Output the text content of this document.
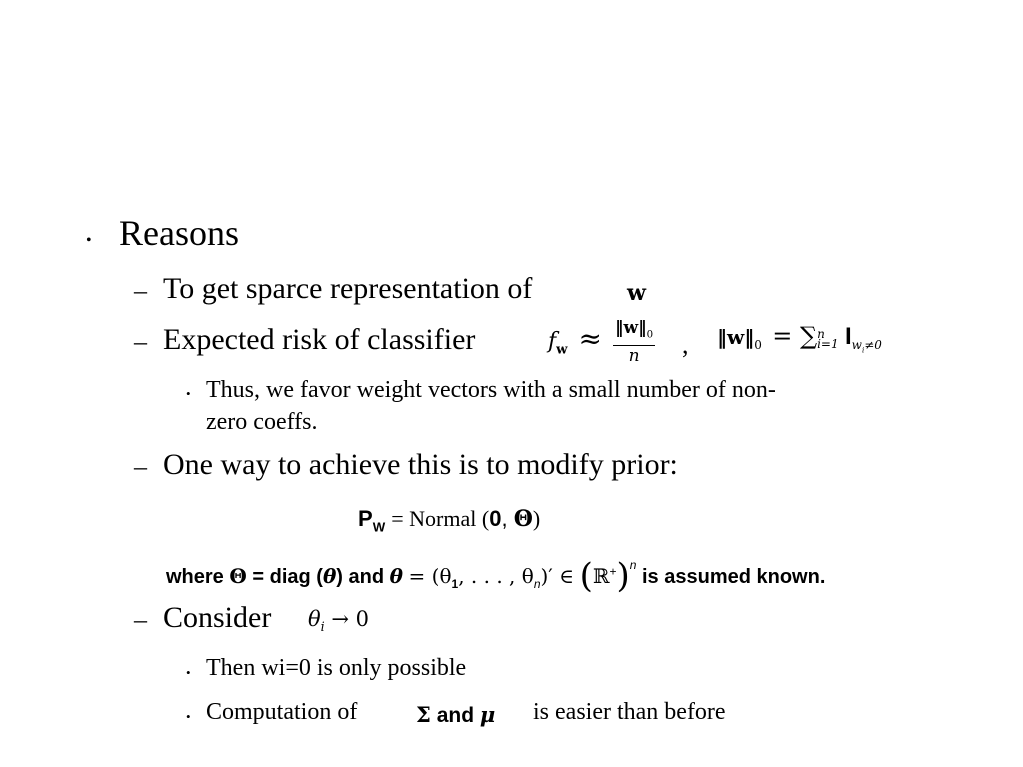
• Reasons
– To get sparce representation of	w
– Expected risk of classifier	$f_w \approx \frac{‖w‖_0}{n}$ , $‖w‖_0$ = ∑ n
i=1 $I_{w_i\ne 0}$
• Thus, we favor weight vectors with a small number of non-
zero coeffs.
– One way to achieve this is to modify prior:
$P_W$ = Normal (0, Θ)
where Θ = diag (θ) and $\theta = (\theta_1$, . . . , $\theta_n)'$ ∈ (ℝ+)$^n$ is assumed known.
– Consider $\theta_i \to 0$
• Then wi=0 is only possible
• Computation of	Σ and μ is easier than before
